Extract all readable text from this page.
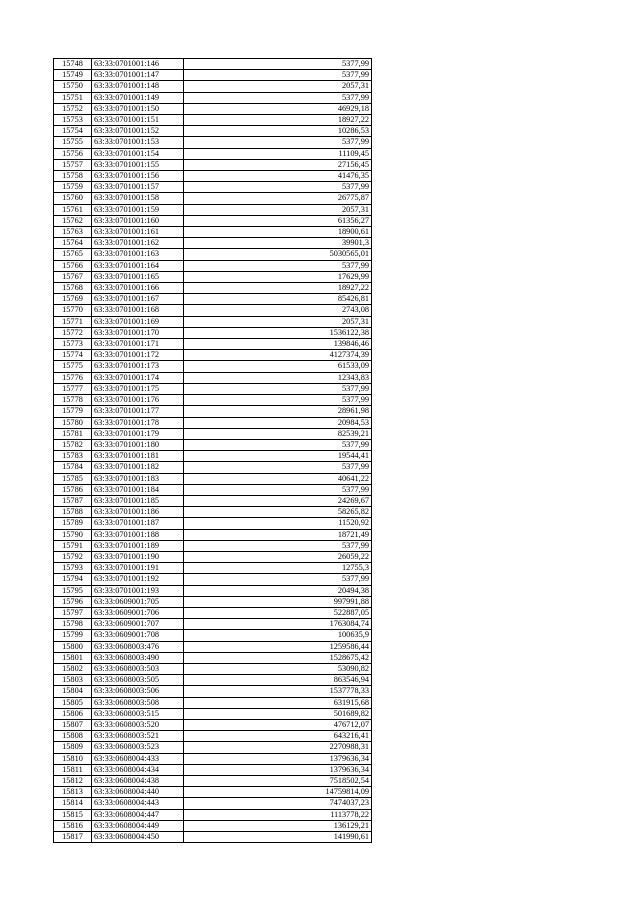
15748	63:33:0701001:146	5377,99
15749	63:33:0701001:147	5377,99
15750	63:33:0701001:148	2057,31
15751	63:33:0701001:149	5377,99
15752	63:33:0701001:150	46929,18
15753	63:33:0701001:151	18927,22
15754	63:33:0701001:152	10286,53
15755	63:33:0701001:153	5377,99
15756	63:33:0701001:154	11109,45
15757	63:33:0701001:155	27156,45
15758	63:33:0701001:156	41476,35
15759	63:33:0701001:157	5377,99
15760	63:33:0701001:158	26775,87
15761	63:33:0701001:159	2057,31
15762	63:33:0701001:160	61356,27
15763	63:33:0701001:161	18900,61
15764	63:33:0701001:162	39901,3
15765	63:33:0701001:163	5030565,01
15766	63:33:0701001:164	5377,99
15767	63:33:0701001:165	17629,99
15768	63:33:0701001:166	18927,22
15769	63:33:0701001:167	85426,81
15770	63:33:0701001:168	2743,08
15771	63:33:0701001:169	2057,31
15772	63:33:0701001:170	1536122,38
15773	63:33:0701001:171	139846,46
15774	63:33:0701001:172	4127374,39
15775	63:33:0701001:173	61533,09
15776	63:33:0701001:174	12343,83
15777	63:33:0701001:175	5377,99
15778	63:33:0701001:176	5377,99
15779	63:33:0701001:177	28961,98
15780	63:33:0701001:178	20984,53
15781	63:33:0701001:179	82539,21
15782	63:33:0701001:180	5377,99
15783	63:33:0701001:181	19544,41
15784	63:33:0701001:182	5377,99
15785	63:33:0701001:183	40641,22
15786	63:33:0701001:184	5377,99
15787	63:33:0701001:185	24269,67
15788	63:33:0701001:186	58265,82
15789	63:33:0701001:187	11520,92
15790	63:33:0701001:188	18721,49
15791	63:33:0701001:189	5377,99
15792	63:33:0701001:190	26059,22
15793	63:33:0701001:191	12755,3
15794	63:33:0701001:192	5377,99
15795	63:33:0701001:193	20494,38
15796	63:33:0609001:705	997991,88
15797	63:33:0609001:706	522887,05
15798	63:33:0609001:707	1763084,74
15799	63:33:0609001:708	100635,9
15800	63:33:0608003:476	1259586,44
15801	63:33:0608003:490	1528675,42
15802	63:33:0608003:503	53090,82
15803	63:33:0608003:505	863546,94
15804	63:33:0608003:506	1537778,33
15805	63:33:0608003:508	631915,68
15806	63:33:0608003:515	501689,82
15807	63:33:0608003:520	476712,07
15808	63:33:0608003:521	643216,41
15809	63:33:0608003:523	2270988,31
15810	63:33:0608004:433	1379636,34
15811	63:33:0608004:434	1379636,34
15812	63:33:0608004:438	7518502,54
15813	63:33:0608004:440	14759814,09
15814	63:33:0608004:443	7474037,23
15815	63:33:0608004:447	1113778,22
15816	63:33:0608004:449	136129,21
15817	63:33:0608004:450	141990,61
